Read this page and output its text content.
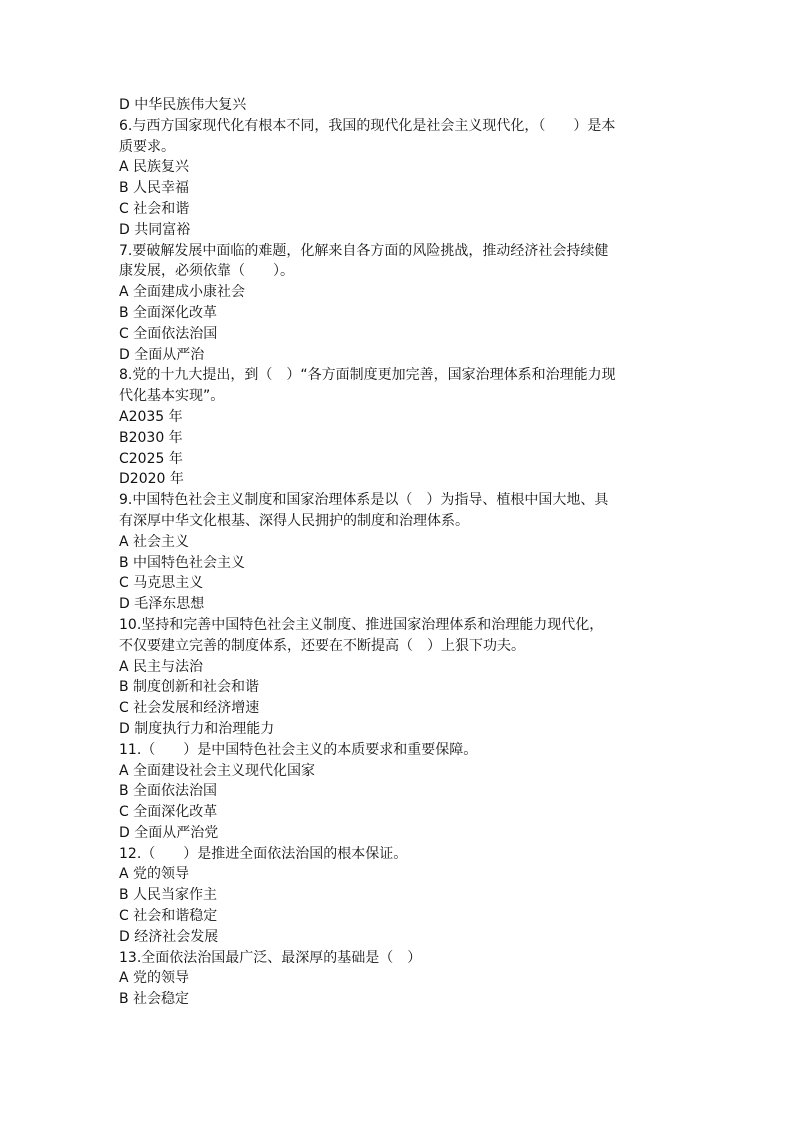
D 中华民族伟大复兴
6.与西方国家现代化有根本不同，我国的现代化是社会主义现代化，（　　）是本
质要求。
A 民族复兴
B 人民幸福
C 社会和谐
D 共同富裕
7.要破解发展中面临的难题，化解来自各方面的风险挑战，推动经济社会持续健
康发展，必须依靠（　　）。
A 全面建成小康社会
B 全面深化改革
C 全面依法治国
D 全面从严治
8.党的十九大提出，到（　）“各方面制度更加完善，国家治理体系和治理能力现
代化基本实现”。
A2035 年
B2030 年
C2025 年
D2020 年
9.中国特色社会主义制度和国家治理体系是以（　）为指导、植根中国大地、具
有深厚中华文化根基、深得人民拥护的制度和治理体系。
A 社会主义
B 中国特色社会主义
C 马克思主义
D 毛泽东思想
10.坚持和完善中国特色社会主义制度、推进国家治理体系和治理能力现代化，
不仅要建立完善的制度体系，还要在不断提高（　）上狠下功夫。
A 民主与法治
B 制度创新和社会和谐
C 社会发展和经济增速
D 制度执行力和治理能力
11.（　　）是中国特色社会主义的本质要求和重要保障。
A 全面建设社会主义现代化国家
B 全面依法治国
C 全面深化改革
D 全面从严治党
12.（　　）是推进全面依法治国的根本保证。
A 党的领导
B 人民当家作主
C 社会和谐稳定
D 经济社会发展
13.全面依法治国最广泛、最深厚的基础是（　）
A 党的领导
B 社会稳定
